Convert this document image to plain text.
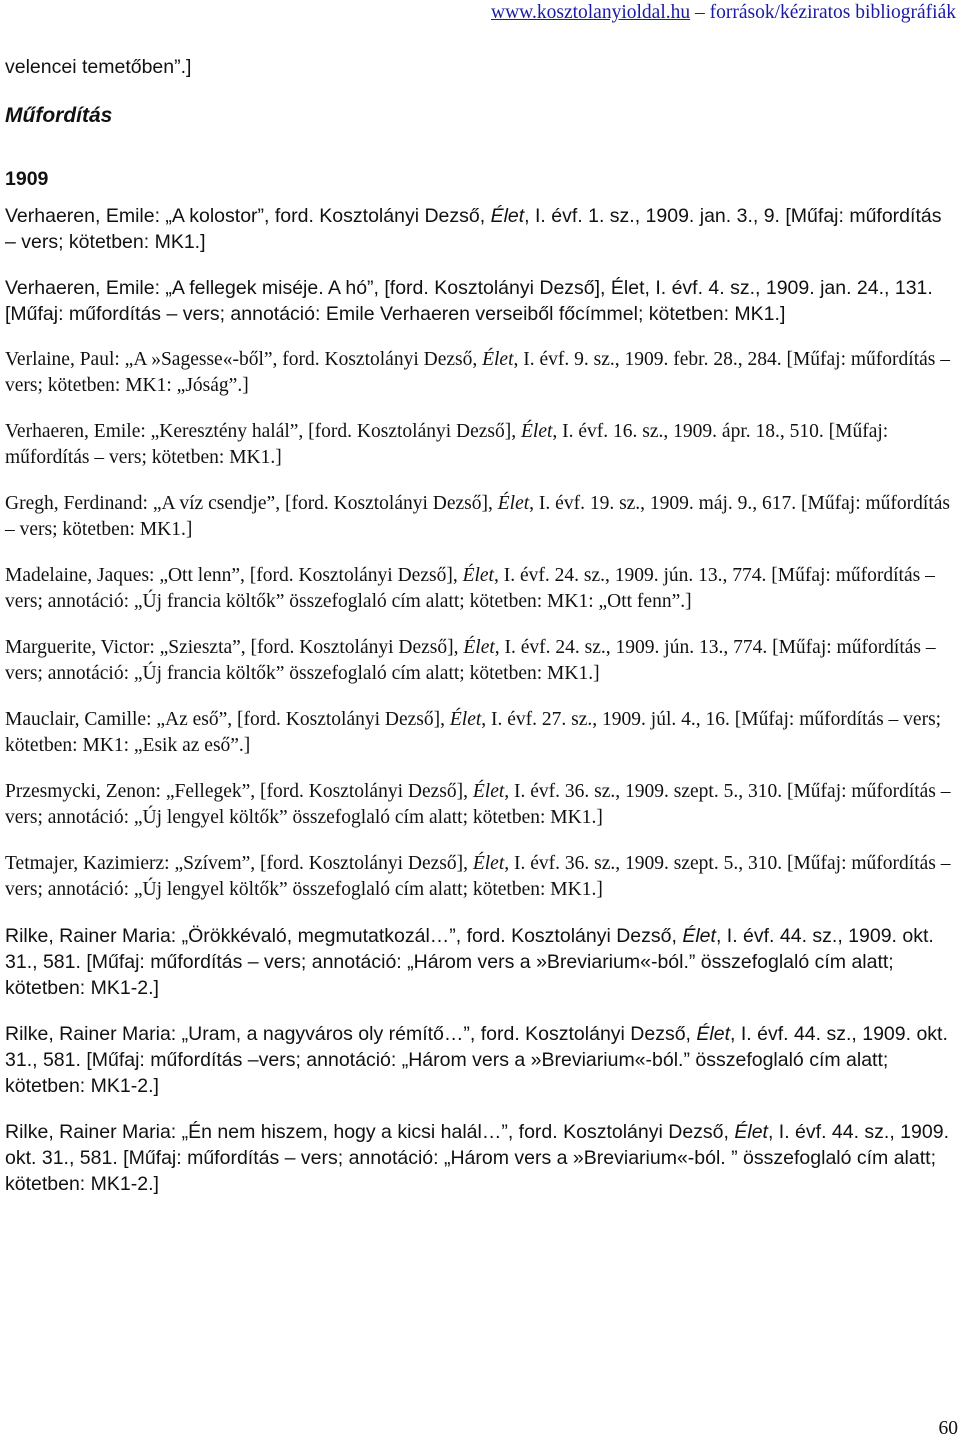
www.kosztolanyioldal.hu – források/kéziratos bibliográfiák
velencei temetőben”.]
Műfordítás
1909

Verhaeren, Emile: „A kolostor”, ford. Kosztolányi Dezső, Élet, I. évf. 1. sz., 1909. jan. 3., 9. [Műfaj: műfordítás – vers; kötetben: MK1.]

Verhaeren, Emile: „A fellegek miséje. A hó”, [ford. Kosztolányi Dezső], Élet, I. évf. 4. sz., 1909. jan. 24., 131. [Műfaj: műfordítás – vers; annotáció: Emile Verhaeren verseiből főcímmel; kötetben: MK1.]

Verlaine, Paul: „A »Sagesse«-ből”, ford. Kosztolányi Dezső, Élet, I. évf. 9. sz., 1909. febr. 28., 284. [Műfaj: műfordítás – vers; kötetben: MK1: „Jóság”.]

Verhaeren, Emile: „Keresztény halál”, [ford. Kosztolányi Dezső], Élet, I. évf. 16. sz., 1909. ápr. 18., 510. [Műfaj: műfordítás – vers; kötetben: MK1.]

Gregh, Ferdinand: „A víz csendje”, [ford. Kosztolányi Dezső], Élet, I. évf. 19. sz., 1909. máj. 9., 617. [Műfaj: műfordítás – vers; kötetben: MK1.]

Madelaine, Jaques: „Ott lenn”, [ford. Kosztolányi Dezső], Élet, I. évf. 24. sz., 1909. jún. 13., 774. [Műfaj: műfordítás – vers; annotáció: „Új francia költők” összefoglaló cím alatt; kötetben: MK1: „Ott fenn”.]

Marguerite, Victor: „Szieszta”, [ford. Kosztolányi Dezső], Élet, I. évf. 24. sz., 1909. jún. 13., 774. [Műfaj: műfordítás – vers; annotáció: „Új francia költők” összefoglaló cím alatt; kötetben: MK1.]

Mauclair, Camille: „Az eső”, [ford. Kosztolányi Dezső], Élet, I. évf. 27. sz., 1909. júl. 4., 16. [Műfaj: műfordítás – vers; kötetben: MK1: „Esik az eső”.]

Przesmycki, Zenon: „Fellegek”, [ford. Kosztolányi Dezső], Élet, I. évf. 36. sz., 1909. szept. 5., 310. [Műfaj: műfordítás – vers; annotáció: „Új lengyel költők” összefoglaló cím alatt; kötetben: MK1.]

Tetmajer, Kazimierz: „Szívem”, [ford. Kosztolányi Dezső], Élet, I. évf. 36. sz., 1909. szept. 5., 310. [Műfaj: műfordítás – vers; annotáció: „Új lengyel költők” összefoglaló cím alatt; kötetben: MK1.]

Rilke, Rainer Maria: „Örökkévaló, megmutatkozál…”, ford. Kosztolányi Dezső, Élet, I. évf. 44. sz., 1909. okt. 31., 581. [Műfaj: műfordítás – vers; annotáció: „Három vers a »Breviarium«-ból.” összefoglaló cím alatt; kötetben: MK1-2.]

Rilke, Rainer Maria: „Uram, a nagyváros oly rémítő…”, ford. Kosztolányi Dezső, Élet, I. évf. 44. sz., 1909. okt. 31., 581. [Műfaj: műfordítás –vers; annotáció: „Három vers a »Breviarium«-ból.” összefoglaló cím alatt; kötetben: MK1-2.]

Rilke, Rainer Maria: „Én nem hiszem, hogy a kicsi halál…”, ford. Kosztolányi Dezső, Élet, I. évf. 44. sz., 1909. okt. 31., 581. [Műfaj: műfordítás – vers; annotáció: „Három vers a »Breviarium«-ból. ” összefoglaló cím alatt; kötetben: MK1-2.]

60
